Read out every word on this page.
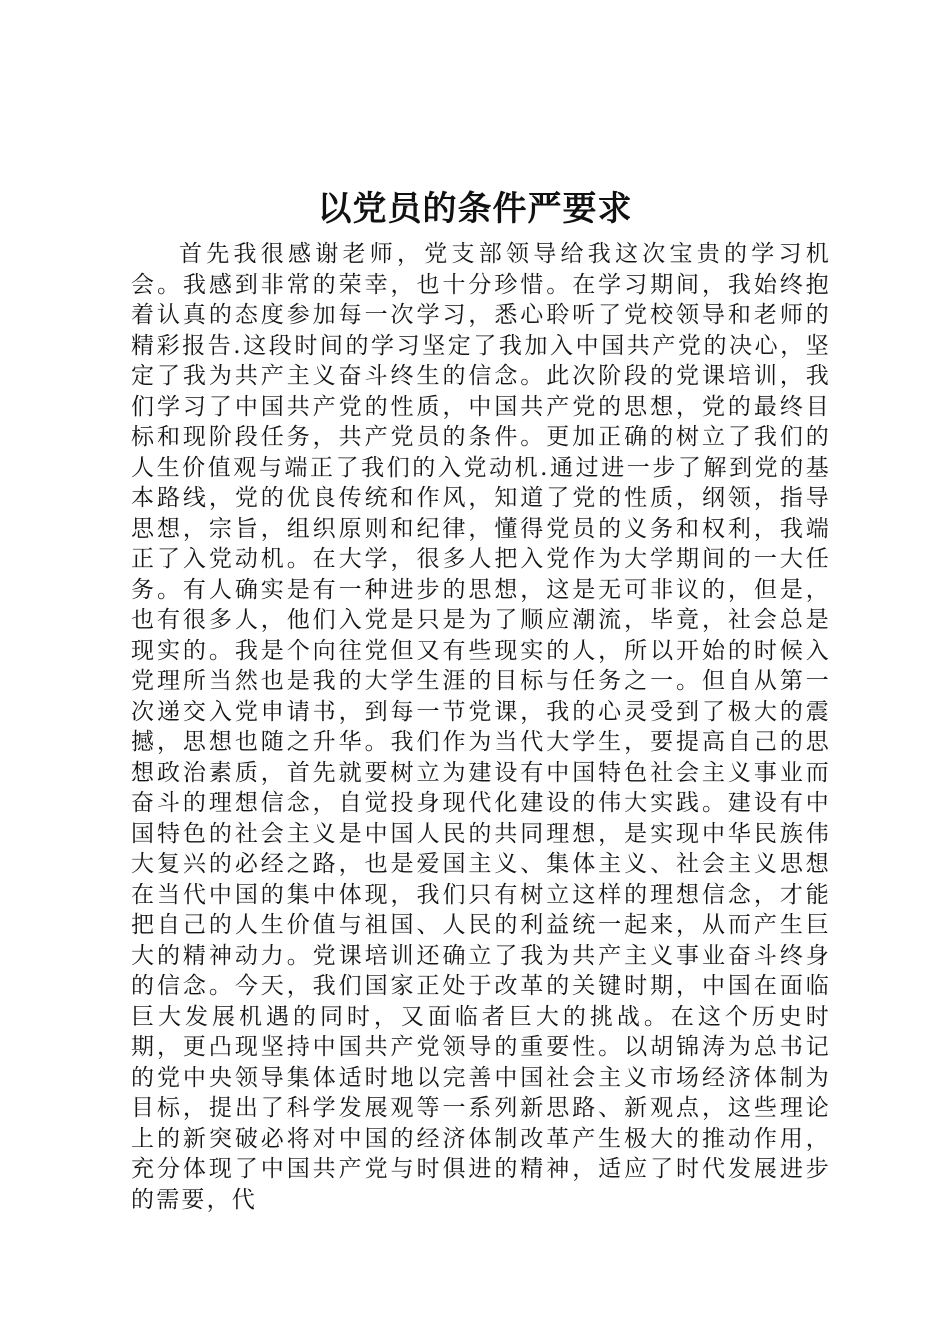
以党员的条件严要求

首先我很感谢老师，党支部领导给我这次宝贵的学习机会。我感到非常的荣幸，也十分珍惜。在学习期间，我始终抱着认真的态度参加每一次学习，悉心聆听了党校领导和老师的精彩报告.这段时间的学习坚定了我加入中国共产党的决心，坚定了我为共产主义奋斗终生的信念。此次阶段的党课培训，我们学习了中国共产党的性质，中国共产党的思想，党的最终目标和现阶段任务，共产党员的条件。更加正确的树立了我们的人生价值观与端正了我们的入党动机.通过进一步了解到党的基本路线，党的优良传统和作风，知道了党的性质，纲领，指导思想，宗旨，组织原则和纪律，懂得党员的义务和权利，我端正了入党动机。在大学，很多人把入党作为大学期间的一大任务。有人确实是有一种进步的思想，这是无可非议的，但是，也有很多人，他们入党是只是为了顺应潮流，毕竟，社会总是现实的。我是个向往党但又有些现实的人，所以开始的时候入党理所当然也是我的大学生涯的目标与任务之一。但自从第一次递交入党申请书，到每一节党课，我的心灵受到了极大的震撼，思想也随之升华。我们作为当代大学生，要提高自己的思想政治素质，首先就要树立为建设有中国特色社会主义事业而奋斗的理想信念，自觉投身现代化建设的伟大实践。建设有中国特色的社会主义是中国人民的共同理想，是实现中华民族伟大复兴的必经之路，也是爱国主义、集体主义、社会主义思想在当代中国的集中体现，我们只有树立这样的理想信念，才能把自己的人生价值与祖国、人民的利益统一起来，从而产生巨大的精神动力。党课培训还确立了我为共产主义事业奋斗终身的信念。今天，我们国家正处于改革的关键时期，中国在面临巨大发展机遇的同时，又面临者巨大的挑战。在这个历史时期，更凸现坚持中国共产党领导的重要性。以胡锦涛为总书记的党中央领导集体适时地以完善中国社会主义市场经济体制为目标，提出了科学发展观等一系列新思路、新观点，这些理论上的新突破必将对中国的经济体制改革产生极大的推动作用，充分体现了中国共产党与时俱进的精神，适应了时代发展进步的需要，代
